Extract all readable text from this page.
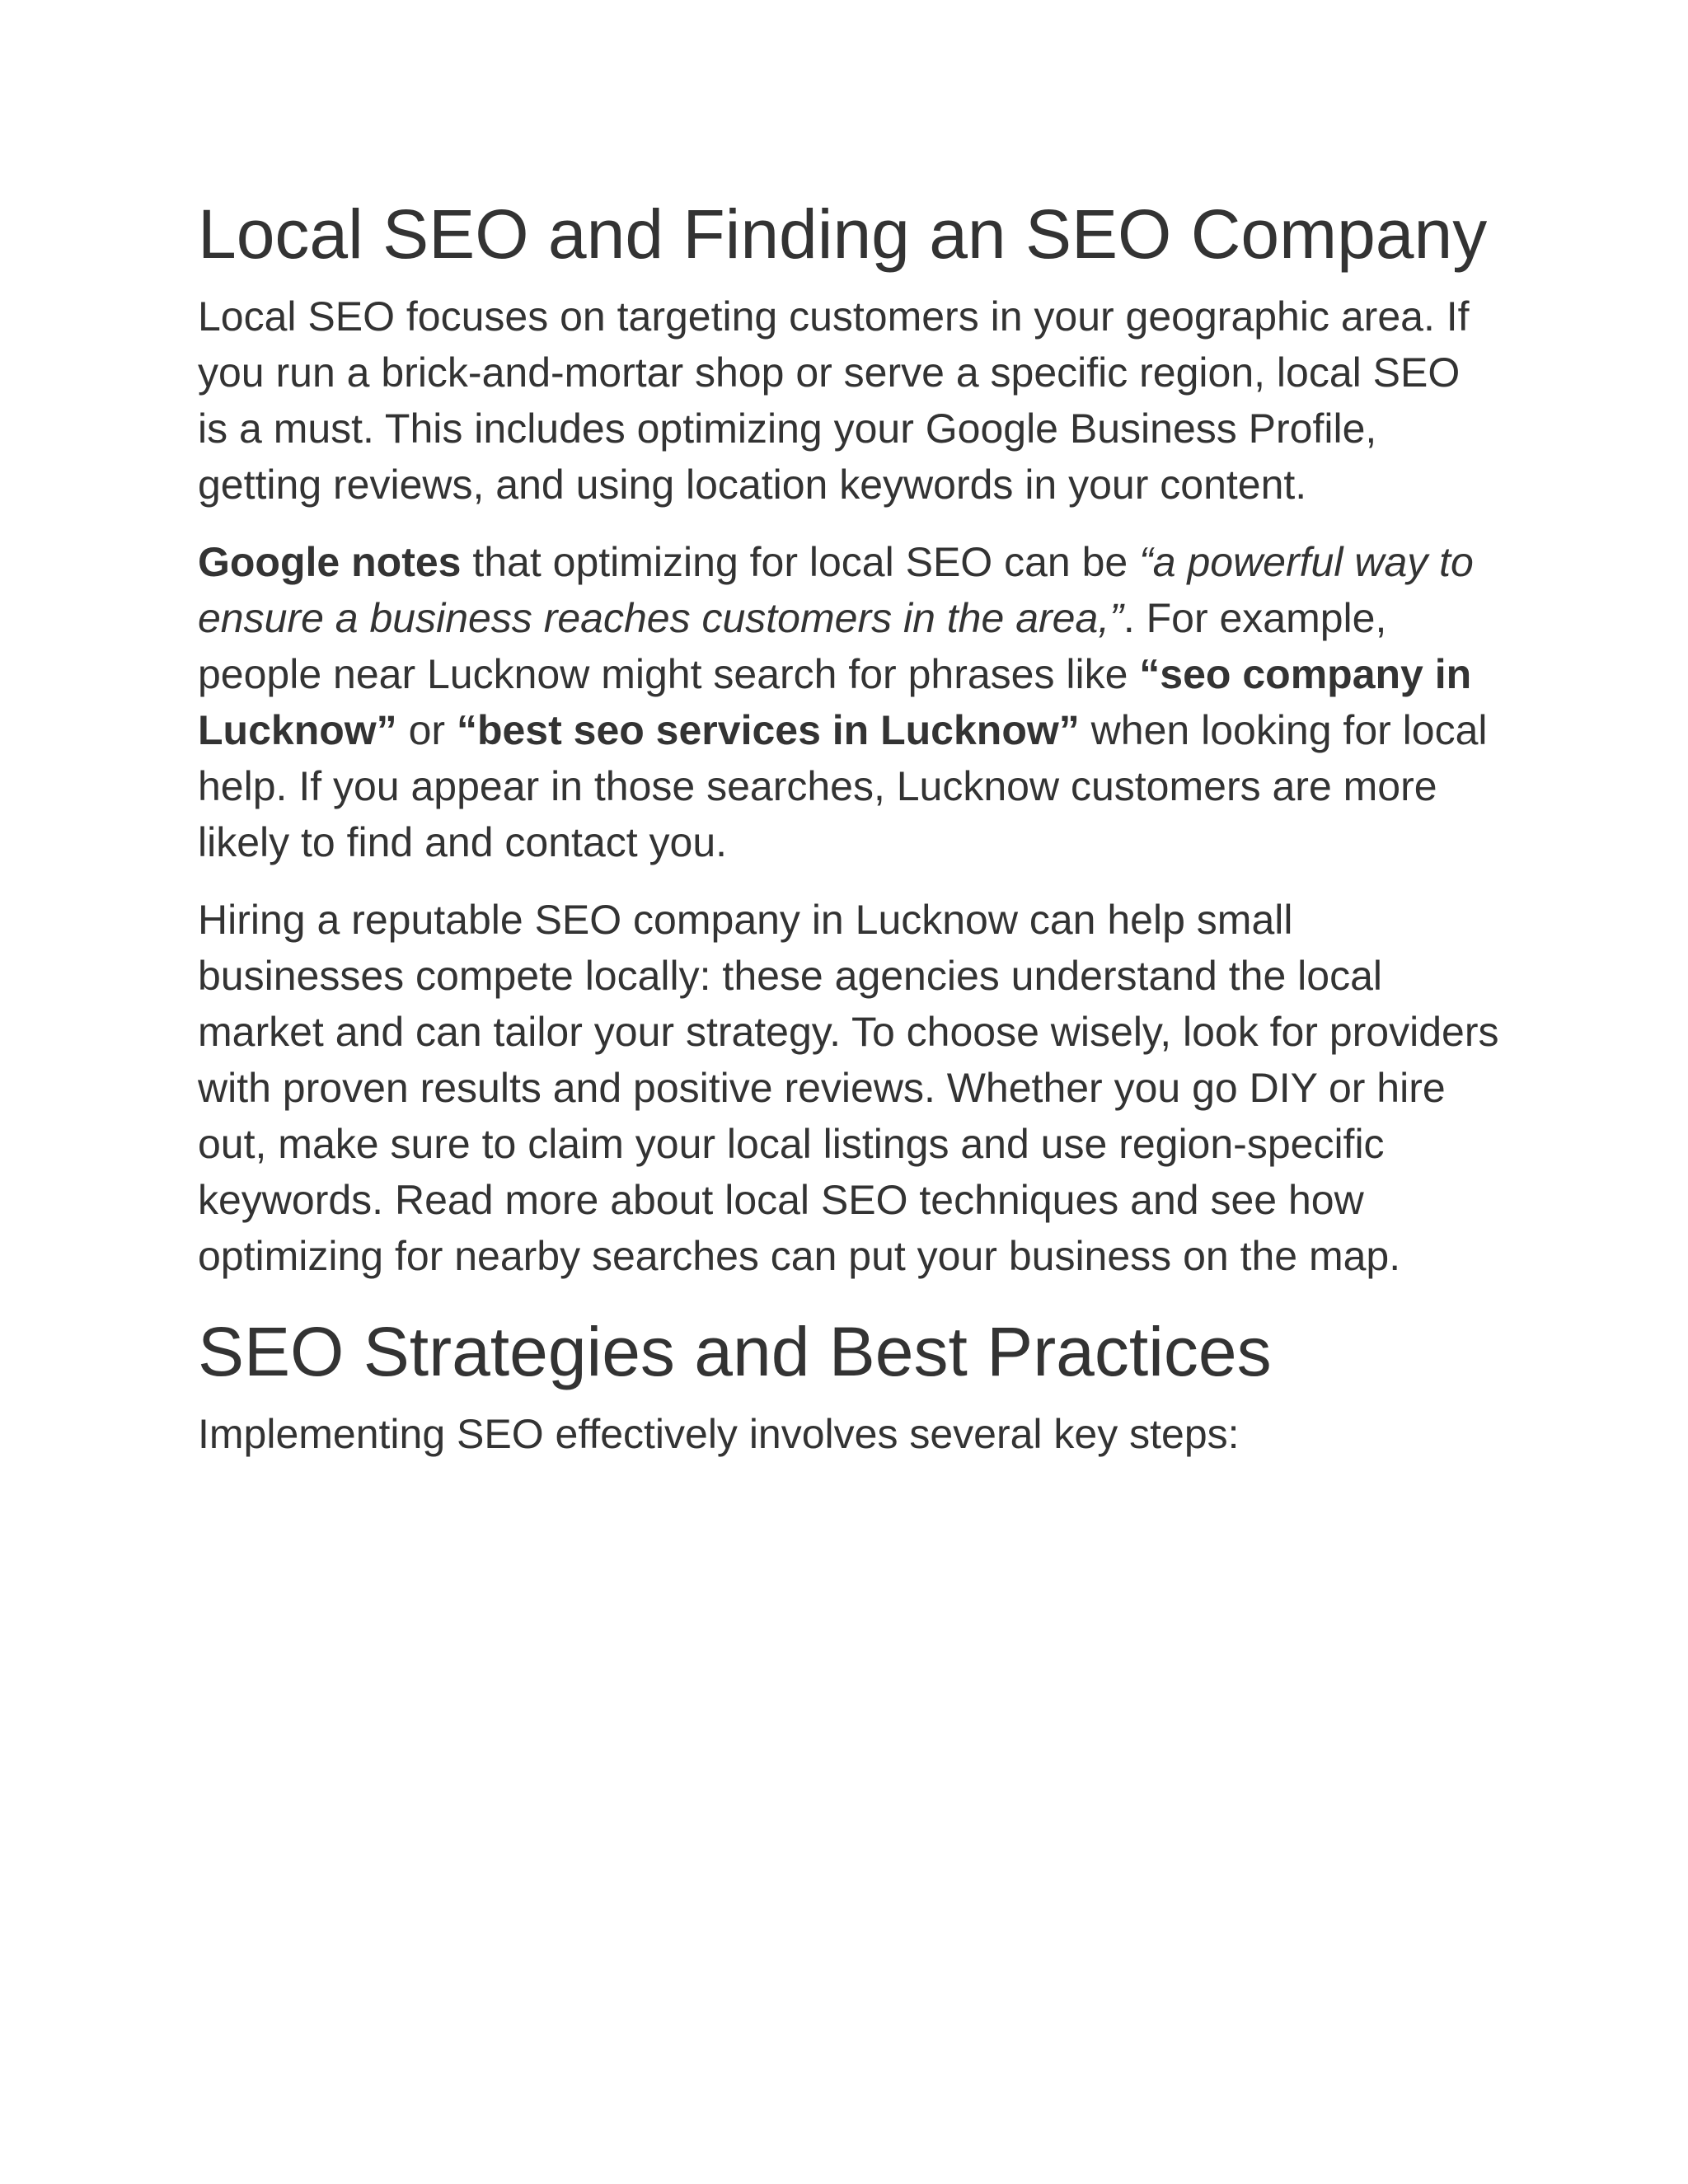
Local SEO and Finding an SEO Company

Local SEO focuses on targeting customers in your geographic area. If you run a brick-and-mortar shop or serve a specific region, local SEO is a must. This includes optimizing your Google Business Profile, getting reviews, and using location keywords in your content.

Google notes that optimizing for local SEO can be “a powerful way to ensure a business reaches customers in the area,”. For example, people near Lucknow might search for phrases like “seo company in Lucknow” or “best seo services in Lucknow” when looking for local help. If you appear in those searches, Lucknow customers are more likely to find and contact you.

Hiring a reputable SEO company in Lucknow can help small businesses compete locally: these agencies understand the local market and can tailor your strategy. To choose wisely, look for providers with proven results and positive reviews. Whether you go DIY or hire out, make sure to claim your local listings and use region-specific keywords. Read more about local SEO techniques and see how optimizing for nearby searches can put your business on the map.

SEO Strategies and Best Practices

Implementing SEO effectively involves several key steps:
